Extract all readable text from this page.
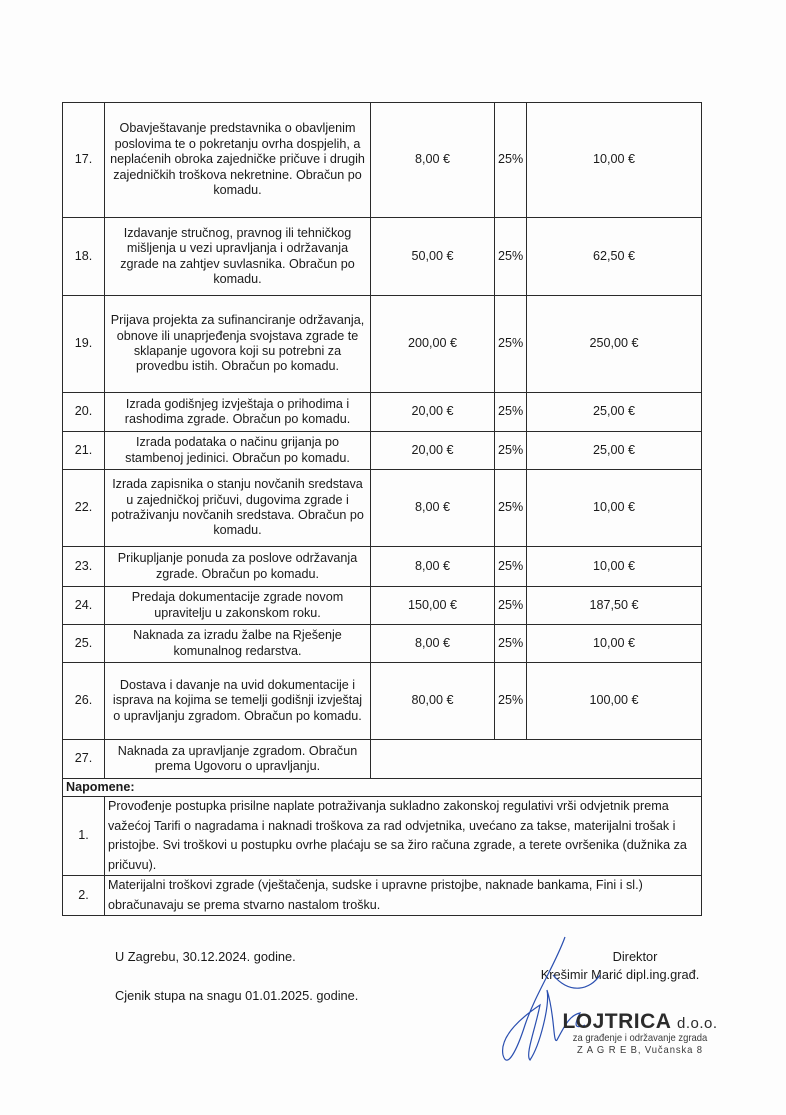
17.	Obavještavanje predstavnika o obavljenim poslovima te o pokretanju ovrha dospjelih, a neplaćenih obroka zajedničke pričuve i drugih zajedničkih troškova nekretnine. Obračun po komadu.	8,00 €	25%	10,00 €
18.	Izdavanje stručnog, pravnog ili tehničkog mišljenja u vezi upravljanja i održavanja zgrade na zahtjev suvlasnika. Obračun po komadu.	50,00 €	25%	62,50 €
19.	Prijava projekta za sufinanciranje održavanja, obnove ili unaprjeđenja svojstava zgrade te sklapanje ugovora koji su potrebni za provedbu istih. Obračun po komadu.	200,00 €	25%	250,00 €
20.	Izrada godišnjeg izvještaja o prihodima i rashodima zgrade. Obračun po komadu.	20,00 €	25%	25,00 €
21.	Izrada podataka o načinu grijanja po stambenoj jedinici. Obračun po komadu.	20,00 €	25%	25,00 €
22.	Izrada zapisnika o stanju novčanih sredstava u zajedničkoj pričuvi, dugovima zgrade i potraživanju novčanih sredstava. Obračun po komadu.	8,00 €	25%	10,00 €
23.	Prikupljanje ponuda za poslove održavanja zgrade. Obračun po komadu.	8,00 €	25%	10,00 €
24.	Predaja dokumentacije zgrade novom upravitelju u zakonskom roku.	150,00 €	25%	187,50 €
25.	Naknada za izradu žalbe na Rješenje komunalnog redarstva.	8,00 €	25%	10,00 €
26.	Dostava i davanje na uvid dokumentacije i isprava na kojima se temelji godišnji izvještaj o upravljanju zgradom. Obračun po komadu.	80,00 €	25%	100,00 €
27.	Naknada za upravljanje zgradom. Obračun prema Ugovoru o upravljanju.			
Napomene:				
1.	Provođenje postupka prisilne naplate potraživanja sukladno zakonskoj regulativi vrši odvjetnik prema važećoj Tarifi o nagradama i naknadi troškova za rad odvjetnika, uvećano za takse, materijalni trošak i pristojbe. Svi troškovi u postupku ovrhe plaćaju se sa žiro računa zgrade, a terete ovršenika (dužnika za pričuvu).			
2.	Materijalni troškovi zgrade (vještačenja, sudske i upravne pristojbe, naknade bankama, Fini i sl.) obračunavaju se prema stvarno nastalom trošku.			
U Zagrebu, 30.12.2024. godine.
Cjenik stupa na snagu 01.01.2025. godine.
Direktor
Krešimir Marić dipl.ing.građ.
LOJTRICA d.o.o.
za građenje i održavanje zgrada
Z A G R E B, Vučanska 8
